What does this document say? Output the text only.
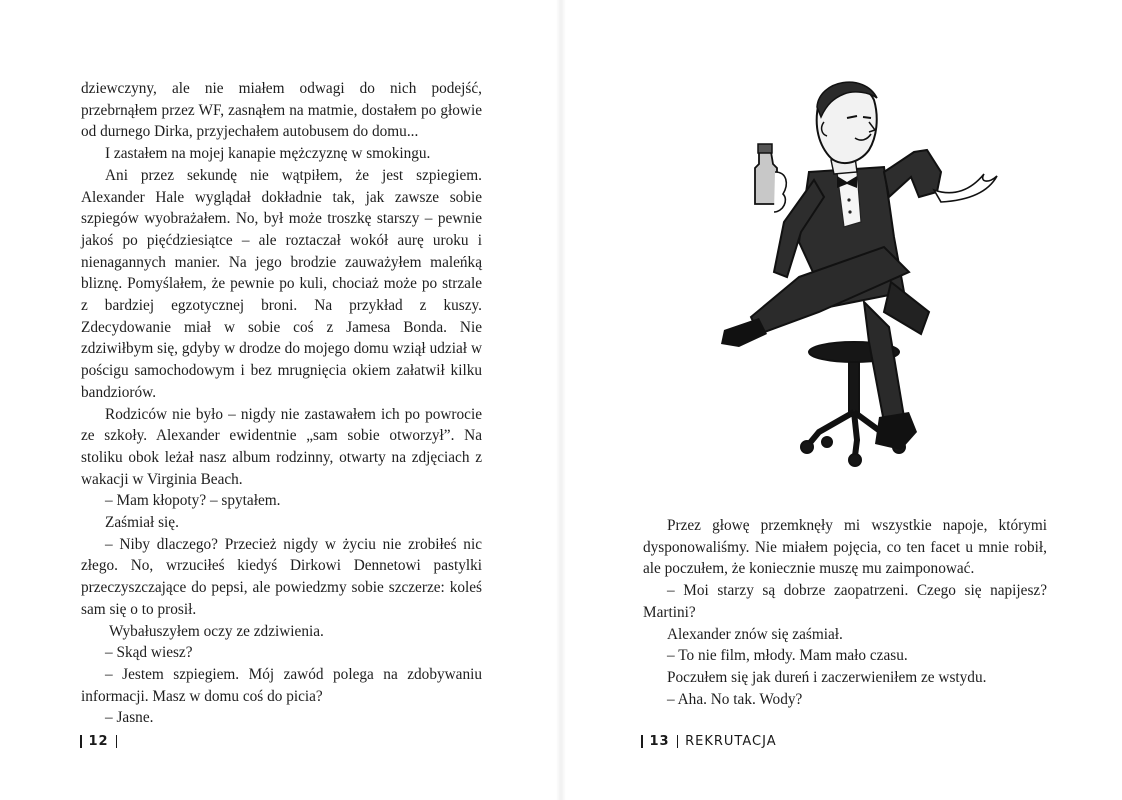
dziewczyny, ale nie miałem odwagi do nich podejść, przebrnąłem przez WF, zasnąłem na matmie, dostałem po głowie od durnego Dirka, przyjechałem autobusem do domu...

I zastałem na mojej kanapie mężczyznę w smokingu.

Ani przez sekundę nie wątpiłem, że jest szpiegiem. Alexander Hale wyglądał dokładnie tak, jak zawsze sobie szpiegów wyobrażałem. No, był może troszkę starszy – pewnie jakoś po pięćdziesiątce – ale roztaczał wokół aurę uroku i nienagannych manier. Na jego brodzie zauważyłem maleńką bliznę. Pomyślałem, że pewnie po kuli, chociaż może po strzale z bardziej egzotycznej broni. Na przykład z kuszy. Zdecydowanie miał w sobie coś z Jamesa Bonda. Nie zdziwiłbym się, gdyby w drodze do mojego domu wziął udział w pościgu samochodowym i bez mrugnięcia okiem załatwił kilku bandziorów.

Rodziców nie było – nigdy nie zastawałem ich po powrocie ze szkoły. Alexander ewidentnie „sam sobie otworzył”. Na stoliku obok leżał nasz album rodzinny, otwarty na zdjęciach z wakacji w Virginia Beach.

– Mam kłopoty? – spytałem.

Zaśmiał się.

– Niby dlaczego? Przecież nigdy w życiu nie zrobiłeś nic złego. No, wrzuciłeś kiedyś Dirkowi Dennetowi pastylki przeczyszczające do pepsi, ale powiedzmy sobie szczerze: koleś sam się o to prosił.

Wybałuszyłem oczy ze zdziwienia.

– Skąd wiesz?

– Jestem szpiegiem. Mój zawód polega na zdobywaniu informacji. Masz w domu coś do picia?

– Jasne.

12

Przez głowę przemknęły mi wszystkie napoje, którymi dysponowaliśmy. Nie miałem pojęcia, co ten facet u mnie robił, ale poczułem, że koniecznie muszę mu zaimponować.

– Moi starzy są dobrze zaopatrzeni. Czego się napijesz? Martini?

Alexander znów się zaśmiał.

– To nie film, młody. Mam mało czasu.

Poczułem się jak dureń i zaczerwieniłem ze wstydu.

– Aha. No tak. Wody?

13 REKRUTACJA
